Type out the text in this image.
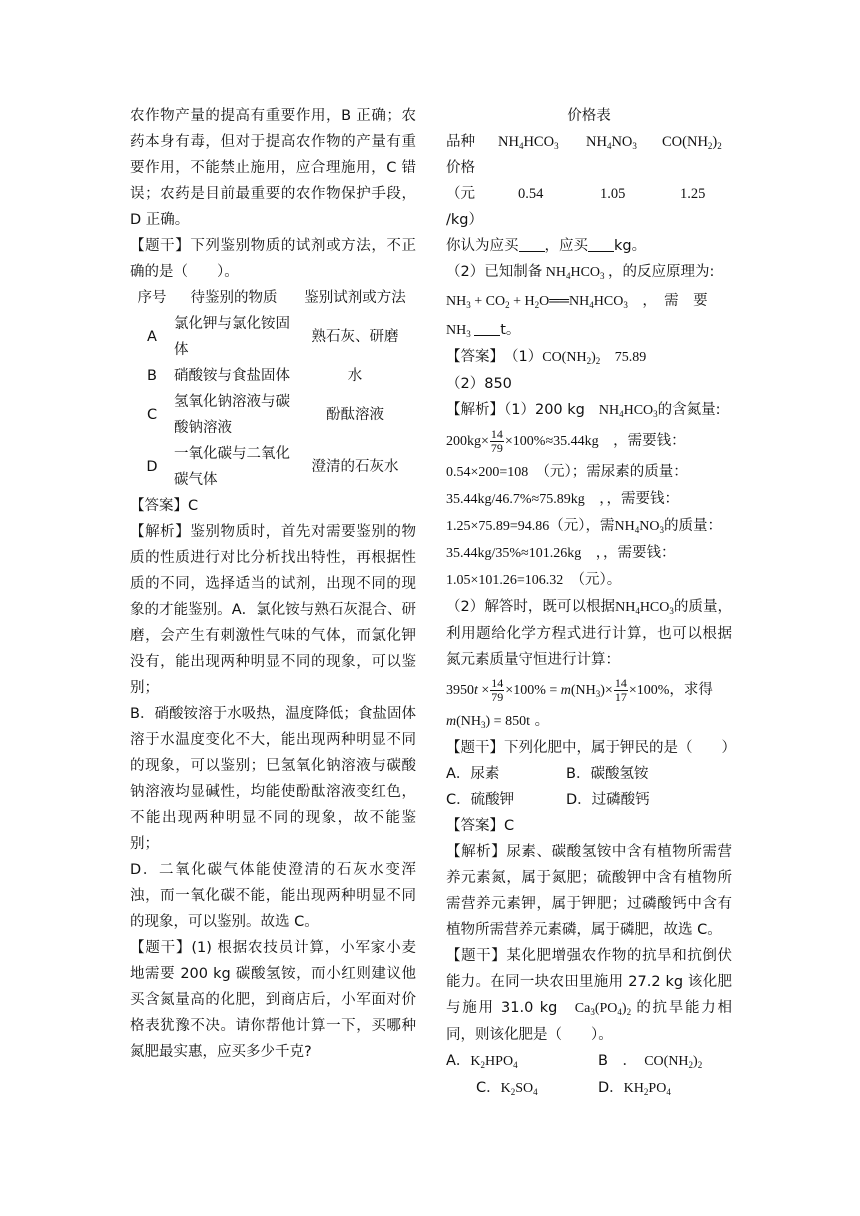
农作物产量的提高有重要作用，B 正确；农药本身有毒，但对于提高农作物的产量有重要作用，不能禁止施用，应合理施用，C 错误；农药是目前最重要的农作物保护手段，D 正确。

【题干】下列鉴别物质的试剂或方法，不正确的是（　　）。

序号	待鉴别的物质	鉴别试剂或方法
A	氯化钾与氯化铵固体	熟石灰、研磨
B	硝酸铵与食盐固体	水
C	氢氧化钠溶液与碳酸钠溶液	酚酞溶液
D	一氧化碳与二氧化碳气体	澄清的石灰水

【答案】C

【解析】鉴别物质时，首先对需要鉴别的物质的性质进行对比分析找出特性，再根据性质的不同，选择适当的试剂，出现不同的现象的才能鉴别。A．氯化铵与熟石灰混合、研磨，会产生有刺激性气味的气体，而氯化钾没有，能出现两种明显不同的现象，可以鉴别；

B．硝酸铵溶于水吸热，温度降低；食盐固体溶于水温度变化不大，能出现两种明显不同的现象，可以鉴别；巳氢氧化钠溶液与碳酸钠溶液均显碱性，均能使酚酞溶液变红色，不能出现两种明显不同的现象，故不能鉴别；

D．二氧化碳气体能使澄清的石灰水变浑浊，而一氧化碳不能，能出现两种明显不同的现象，可以鉴别。故选 C。

【题干】(1) 根据农技员计算，小军家小麦地需要 200 kg 碳酸氢铵，而小红则建议他买含氮量高的化肥，到商店后，小军面对价格表犹豫不决。请你帮他计算一下，买哪种氮肥最实惠，应买多少千克?

价格表
品种	$NH_4HCO_3$	$NH_4NO_3$	$CO(NH_2)_2$
价格			
（元	0.54	1.05	1.25
/kg）			

你认为应买 ，应买 kg。

（2）已知制备 $NH_4HCO_3$ ，的反应原理为:

$NH_3 + CO_2$ + $H_2O══NH_4HCO_3$　 ，　需　要

$NH_3$ t。

【答案】　 $(1)CO(NH_2)_2$　 75.89

（2）850

【解析】（1）200 kg　$NH_4HCO_3$的含氮量:

$200kg\times \frac{14}{79} \times 100\%\approx 35.44kg$　 ，需要钱：

0.54×200=108　 （元）；需尿素的质量：

35.44kg/46.7%≈75.89kg　，，需要钱：

1.25×75.89=94.86（元），需$NH_4NO_3$的质量：

35.44kg/35%≈101.26kg　，，需要钱：

1.05×101.26=106.32　 （元）。

（2）解答时，既可以根据$NH_4HCO_3$的质量，利用题给化学方程式进行计算，也可以根据氮元素质量守恒进行计算：

$3950t \times \frac{14}{79} \times 100\% = m(NH_3)\times \frac{14}{17} \times 100\%$，求得

$m(NH_3) = 850t$ 。

【题干】下列化肥中，属于钾民的是（　　）

A．尿素	B．碳酸氢铵
C．硫酸钾	D．过磷酸钙

【答案】C

【解析】尿素、碳酸氢铵中含有植物所需营养元素氮，属于氮肥；硫酸钾中含有植物所需营养元素钾，属于钾肥；过磷酸钙中含有植物所需营养元素磷，属于磷肥，故选 C。

【题干】某化肥增强农作物的抗旱和抗倒伏能力。在同一块农田里施用 27.2 kg 该化肥与施用 31.0 kg　$Ca_3(PO_4)_2$ 的抗旱能力相同，则该化肥是（　　）。

A．$K_2HPO_4$	B　．　 $CO(NH_2)_2$
C．$K_2SO_4$	D．$KH_2PO_4$
